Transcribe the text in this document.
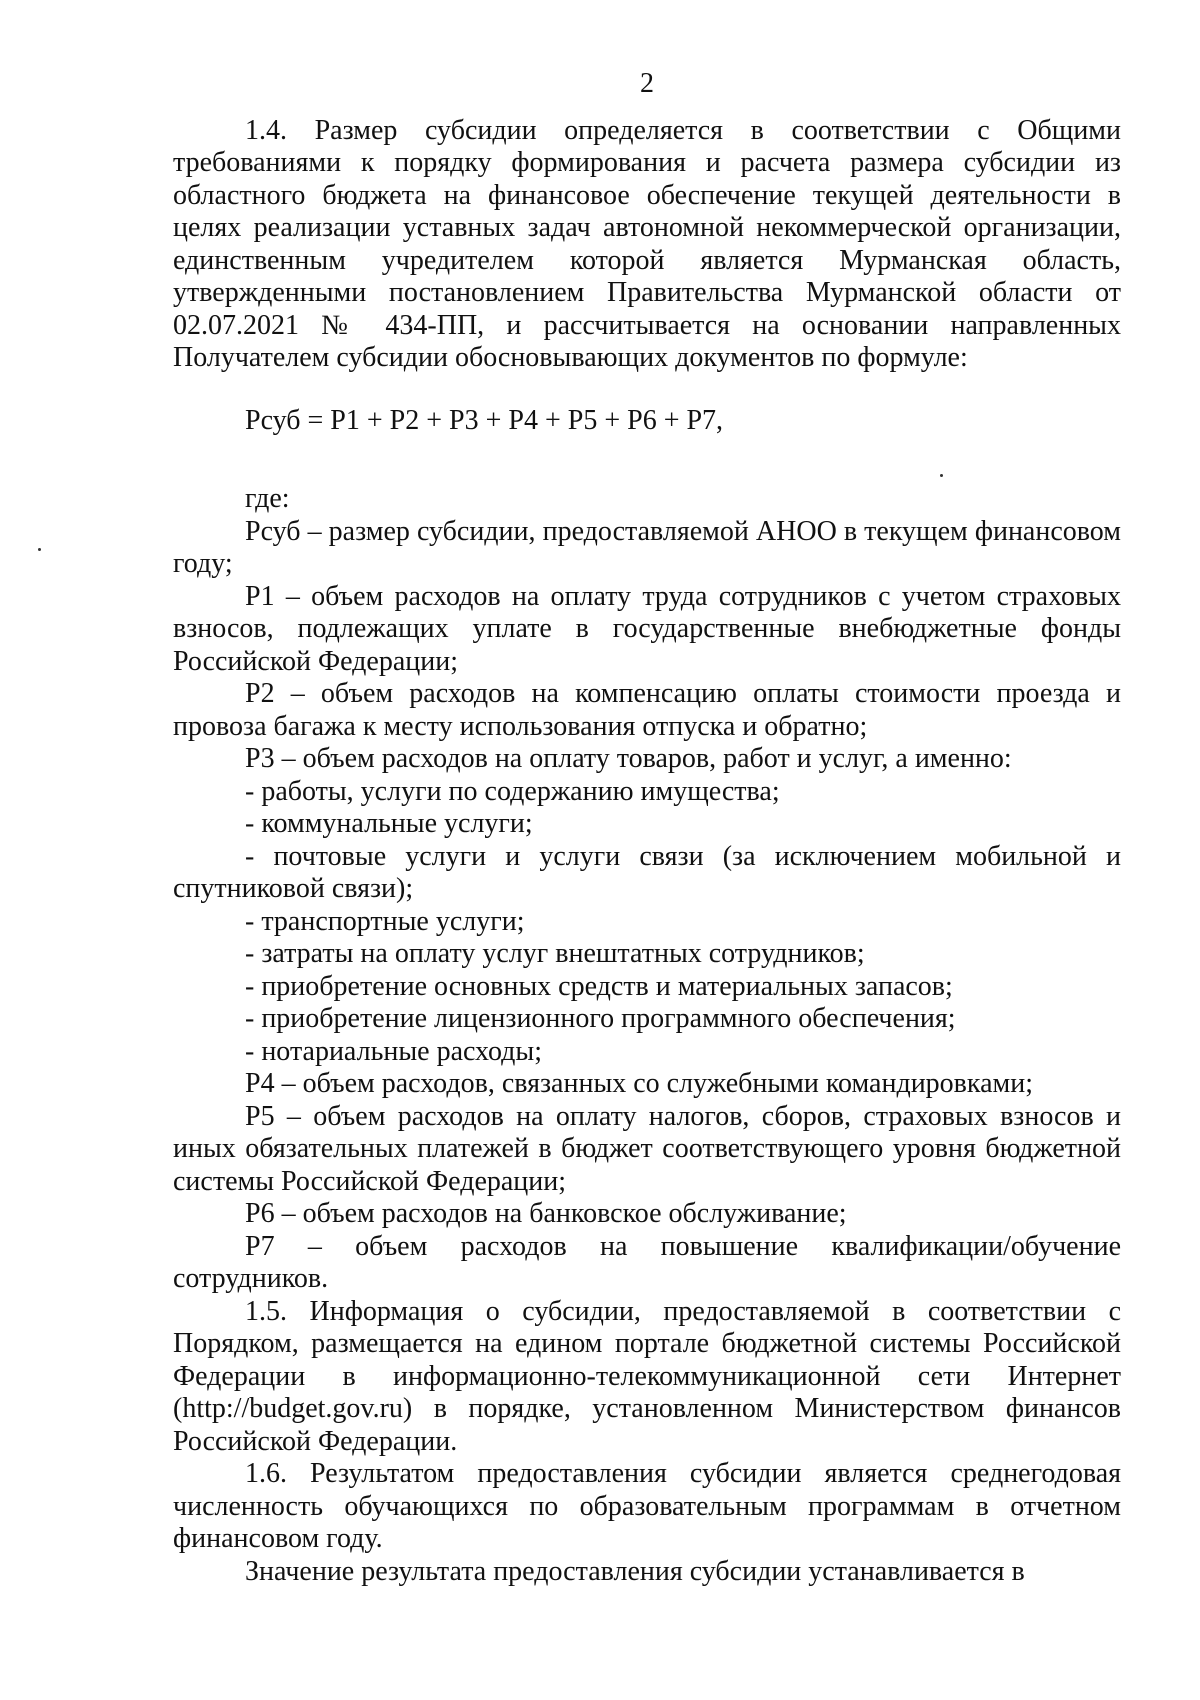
2

1.4. Размер субсидии определяется в соответствии с Общими требованиями к порядку формирования и расчета размера субсидии из областного бюджета на финансовое обеспечение текущей деятельности в целях реализации уставных задач автономной некоммерческой организации, единственным учредителем которой является Мурманская область, утвержденными постановлением Правительства Мурманской области от 02.07.2021 № 434-ПП, и рассчитывается на основании направленных Получателем субсидии обосновывающих документов по формуле:

Рсуб = Р1 + Р2 + Р3 + Р4 + Р5 + Р6 + Р7,
где:

Рсуб – размер субсидии, предоставляемой АНОО в текущем финансовом году;

Р1 – объем расходов на оплату труда сотрудников с учетом страховых взносов, подлежащих уплате в государственные внебюджетные фонды Российской Федерации;

Р2 – объем расходов на компенсацию оплаты стоимости проезда и провоза багажа к месту использования отпуска и обратно;

Р3 – объем расходов на оплату товаров, работ и услуг, а именно:

- работы, услуги по содержанию имущества;

- коммунальные услуги;

- почтовые услуги и услуги связи (за исключением мобильной и спутниковой связи);

- транспортные услуги;

- затраты на оплату услуг внештатных сотрудников;

- приобретение основных средств и материальных запасов;

- приобретение лицензионного программного обеспечения;

- нотариальные расходы;

Р4 – объем расходов, связанных со служебными командировками;

Р5 – объем расходов на оплату налогов, сборов, страховых взносов и иных обязательных платежей в бюджет соответствующего уровня бюджетной системы Российской Федерации;

Р6 – объем расходов на банковское обслуживание;

Р7 – объем расходов на повышение квалификации/обучение сотрудников.

1.5. Информация о субсидии, предоставляемой в соответствии с Порядком, размещается на едином портале бюджетной системы Российской Федерации в информационно-телекоммуникационной сети Интернет (http://budget.gov.ru) в порядке, установленном Министерством финансов Российской Федерации.

1.6. Результатом предоставления субсидии является среднегодовая численность обучающихся по образовательным программам в отчетном финансовом году.

Значение результата предоставления субсидии устанавливается в
